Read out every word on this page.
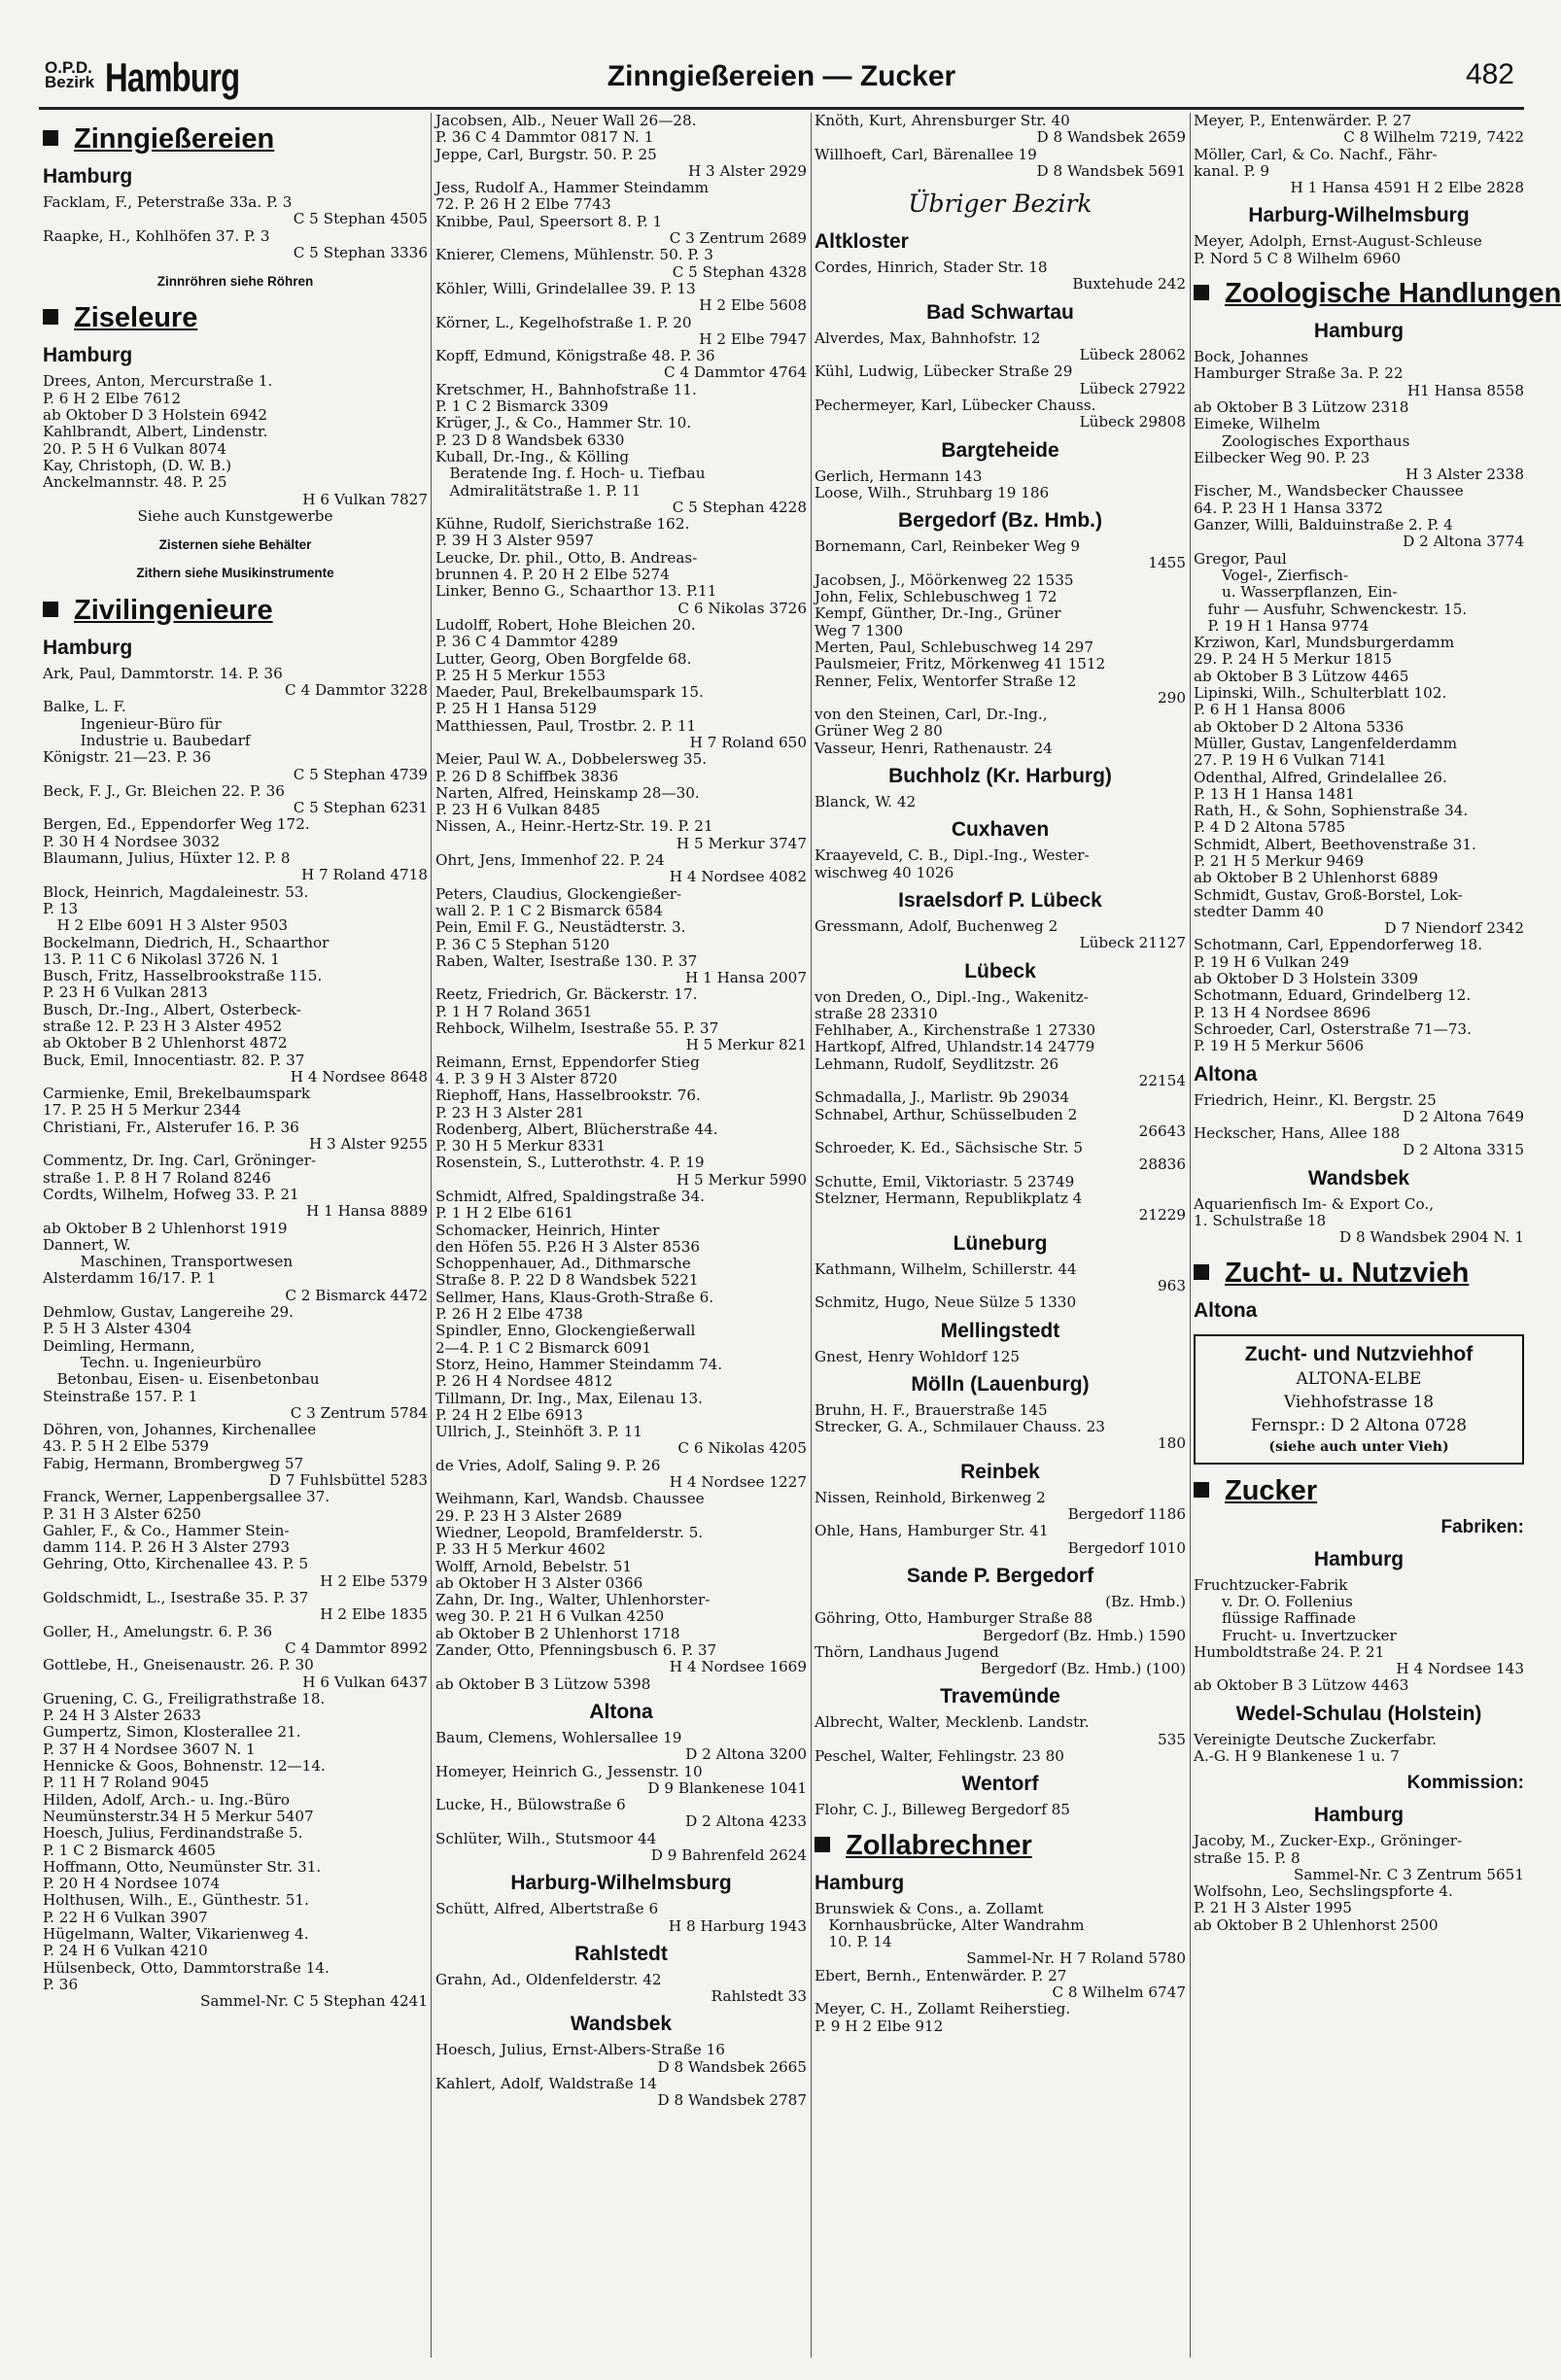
O.P.D.
Bezirk Hamburg	Zinngießereien — Zucker	482
Zinngießereien
Hamburg
Facklam, F., Peterstraße 33a. P. 3
C 5 Stephan 4505
Raapke, H., Kohlhöfen 37. P. 3
C 5 Stephan 3336
Zinnröhren siehe Röhren
Ziseleure
Hamburg
Drees, Anton, Mercurstraße 1.
P. 6 H 2 Elbe 7612
ab Oktober D 3 Holstein 6942
Kahlbrandt, Albert, Lindenstr.
20. P. 5 H 6 Vulkan 8074
Kay, Christoph, (D. W. B.)
Anckelmannstr. 48. P. 25
H 6 Vulkan 7827
Siehe auch Kunstgewerbe
Zisternen siehe Behälter
Zithern siehe Musikinstrumente
Zivilingenieure
Hamburg
Ark, Paul, Dammtorstr. 14. P. 36
C 4 Dammtor 3228
Balke, L. F.
Ingenieur-Büro für
Industrie u. Baubedarf
Königstr. 21—23. P. 36
C 5 Stephan 4739
Beck, F. J., Gr. Bleichen 22. P. 36
C 5 Stephan 6231
Bergen, Ed., Eppendorfer Weg 172.
P. 30 H 4 Nordsee 3032
Blaumann, Julius, Hüxter 12. P. 8
H 7 Roland 4718
Block, Heinrich, Magdaleinestr. 53.
P. 13
H 2 Elbe 6091 H 3 Alster 9503
Bockelmann, Diedrich, H., Schaarthor
13. P. 11 C 6 Nikolasl 3726 N. 1
Busch, Fritz, Hasselbrookstraße 115.
P. 23 H 6 Vulkan 2813
Busch, Dr.-Ing., Albert, Osterbeck-
straße 12. P. 23 H 3 Alster 4952
ab Oktober B 2 Uhlenhorst 4872
Buck, Emil, Innocentiastr. 82. P. 37
H 4 Nordsee 8648
Carmienke, Emil, Brekelbaumspark
17. P. 25 H 5 Merkur 2344
Christiani, Fr., Alsterufer 16. P. 36
H 3 Alster 9255
Commentz, Dr. Ing. Carl, Gröninger-
straße 1. P. 8 H 7 Roland 8246
Cordts, Wilhelm, Hofweg 33. P. 21
H 1 Hansa 8889
ab Oktober B 2 Uhlenhorst 1919
Dannert, W.
Maschinen, Transportwesen
Alsterdamm 16/17. P. 1
C 2 Bismarck 4472
Dehmlow, Gustav, Langereihe 29.
P. 5 H 3 Alster 4304
Deimling, Hermann,
Techn. u. Ingenieurbüro
Betonbau, Eisen- u. Eisenbetonbau
Steinstraße 157. P. 1
C 3 Zentrum 5784
Döhren, von, Johannes, Kirchenallee
43. P. 5 H 2 Elbe 5379
Fabig, Hermann, Brombergweg 57
D 7 Fuhlsbüttel 5283
Franck, Werner, Lappenbergsallee 37.
P. 31 H 3 Alster 6250
Gahler, F., & Co., Hammer Stein-
damm 114. P. 26 H 3 Alster 2793
Gehring, Otto, Kirchenallee 43. P. 5
H 2 Elbe 5379
Goldschmidt, L., Isestraße 35. P. 37
H 2 Elbe 1835
Goller, H., Amelungstr. 6. P. 36
C 4 Dammtor 8992
Gottlebe, H., Gneisenaustr. 26. P. 30
H 6 Vulkan 6437
Gruening, C. G., Freiligrathstraße 18.
P. 24 H 3 Alster 2633
Gumpertz, Simon, Klosterallee 21.
P. 37 H 4 Nordsee 3607 N. 1
Hennicke & Goos, Bohnenstr. 12—14.
P. 11 H 7 Roland 9045
Hilden, Adolf, Arch.- u. Ing.-Büro
Neumünsterstr.34 H 5 Merkur 5407
Hoesch, Julius, Ferdinandstraße 5.
P. 1 C 2 Bismarck 4605
Hoffmann, Otto, Neumünster Str. 31.
P. 20 H 4 Nordsee 1074
Holthusen, Wilh., E., Günthestr. 51.
P. 22 H 6 Vulkan 3907
Hügelmann, Walter, Vikarienweg 4.
P. 24 H 6 Vulkan 4210
Hülsenbeck, Otto, Dammtorstraße 14.
P. 36
Sammel-Nr. C 5 Stephan 4241
Jacobsen, Alb., Neuer Wall 26—28.
P. 36 C 4 Dammtor 0817 N. 1
Jeppe, Carl, Burgstr. 50. P. 25
H 3 Alster 2929
Jess, Rudolf A., Hammer Steindamm
72. P. 26 H 2 Elbe 7743
Knibbe, Paul, Speersort 8. P. 1
C 3 Zentrum 2689
Knierer, Clemens, Mühlenstr. 50. P. 3
C 5 Stephan 4328
Köhler, Willi, Grindelallee 39. P. 13
H 2 Elbe 5608
Körner, L., Kegelhofstraße 1. P. 20
H 2 Elbe 7947
Kopff, Edmund, Königstraße 48. P. 36
C 4 Dammtor 4764
Kretschmer, H., Bahnhofstraße 11.
P. 1 C 2 Bismarck 3309
Krüger, J., & Co., Hammer Str. 10.
P. 23 D 8 Wandsbek 6330
Kuball, Dr.-Ing., & Kölling
Beratende Ing. f. Hoch- u. Tiefbau
Admiralitätstraße 1. P. 11
C 5 Stephan 4228
Kühne, Rudolf, Sierichstraße 162.
P. 39 H 3 Alster 9597
Leucke, Dr. phil., Otto, B. Andreas-
brunnen 4. P. 20 H 2 Elbe 5274
Linker, Benno G., Schaarthor 13. P.11
C 6 Nikolas 3726
Ludolff, Robert, Hohe Bleichen 20.
P. 36 C 4 Dammtor 4289
Lutter, Georg, Oben Borgfelde 68.
P. 25 H 5 Merkur 1553
Maeder, Paul, Brekelbaumspark 15.
P. 25 H 1 Hansa 5129
Matthiessen, Paul, Trostbr. 2. P. 11
H 7 Roland 650
Meier, Paul W. A., Dobbelersweg 35.
P. 26 D 8 Schiffbek 3836
Narten, Alfred, Heinskamp 28—30.
P. 23 H 6 Vulkan 8485
Nissen, A., Heinr.-Hertz-Str. 19. P. 21
H 5 Merkur 3747
Ohrt, Jens, Immenhof 22. P. 24
H 4 Nordsee 4082
Peters, Claudius, Glockengießer-
wall 2. P. 1 C 2 Bismarck 6584
Pein, Emil F. G., Neustädterstr. 3.
P. 36 C 5 Stephan 5120
Raben, Walter, Isestraße 130. P. 37
H 1 Hansa 2007
Reetz, Friedrich, Gr. Bäckerstr. 17.
P. 1 H 7 Roland 3651
Rehbock, Wilhelm, Isestraße 55. P. 37
H 5 Merkur 821
Reimann, Ernst, Eppendorfer Stieg
4. P. 3 9 H 3 Alster 8720
Riephoff, Hans, Hasselbrookstr. 76.
P. 23 H 3 Alster 281
Rodenberg, Albert, Blücherstraße 44.
P. 30 H 5 Merkur 8331
Rosenstein, S., Lutterothstr. 4. P. 19
H 5 Merkur 5990
Schmidt, Alfred, Spaldingstraße 34.
P. 1 H 2 Elbe 6161
Schomacker, Heinrich, Hinter
den Höfen 55. P.26 H 3 Alster 8536
Schoppenhauer, Ad., Dithmarsche
Straße 8. P. 22 D 8 Wandsbek 5221
Sellmer, Hans, Klaus-Groth-Straße 6.
P. 26 H 2 Elbe 4738
Spindler, Enno, Glockengießerwall
2—4. P. 1 C 2 Bismarck 6091
Storz, Heino, Hammer Steindamm 74.
P. 26 H 4 Nordsee 4812
Tillmann, Dr. Ing., Max, Eilenau 13.
P. 24 H 2 Elbe 6913
Ullrich, J., Steinhöft 3. P. 11
C 6 Nikolas 4205
de Vries, Adolf, Saling 9. P. 26
H 4 Nordsee 1227
Weihmann, Karl, Wandsb. Chaussee
29. P. 23 H 3 Alster 2689
Wiedner, Leopold, Bramfelderstr. 5.
P. 33 H 5 Merkur 4602
Wolff, Arnold, Bebelstr. 51
ab Oktober H 3 Alster 0366
Zahn, Dr. Ing., Walter, Uhlenhorster-
weg 30. P. 21 H 6 Vulkan 4250
ab Oktober B 2 Uhlenhorst 1718
Zander, Otto, Pfenningsbusch 6. P. 37
H 4 Nordsee 1669
ab Oktober B 3 Lützow 5398
Altona
Baum, Clemens, Wohlersallee 19
D 2 Altona 3200
Homeyer, Heinrich G., Jessenstr. 10
D 9 Blankenese 1041
Lucke, H., Bülowstraße 6
D 2 Altona 4233
Schlüter, Wilh., Stutsmoor 44
D 9 Bahrenfeld 2624
Harburg-Wilhelmsburg
Schütt, Alfred, Albertstraße 6
H 8 Harburg 1943
Rahlstedt
Grahn, Ad., Oldenfelderstr. 42
Rahlstedt 33
Wandsbek
Hoesch, Julius, Ernst-Albers-Straße 16
D 8 Wandsbek 2665
Kahlert, Adolf, Waldstraße 14
D 8 Wandsbek 2787
Knöth, Kurt, Ahrensburger Str. 40
D 8 Wandsbek 2659
Willhoeft, Carl, Bärenallee 19
D 8 Wandsbek 5691
Übriger Bezirk
Altkloster
Cordes, Hinrich, Stader Str. 18
Buxtehude 242
Bad Schwartau
Alverdes, Max, Bahnhofstr. 12
Lübeck 28062
Kühl, Ludwig, Lübecker Straße 29
Lübeck 27922
Pechermeyer, Karl, Lübecker Chauss.
Lübeck 29808
Bargteheide
Gerlich, Hermann 143
Loose, Wilh., Struhbarg 19 186
Bergedorf (Bz. Hmb.)
Bornemann, Carl, Reinbeker Weg 9
1455
Jacobsen, J., Möörkenweg 22 1535
John, Felix, Schlebuschweg 1 72
Kempf, Günther, Dr.-Ing., Grüner
Weg 7 1300
Merten, Paul, Schlebuschweg 14 297
Paulsmeier, Fritz, Mörkenweg 41 1512
Renner, Felix, Wentorfer Straße 12
290
von den Steinen, Carl, Dr.-Ing.,
Grüner Weg 2 80
Vasseur, Henri, Rathenaustr. 24
Buchholz (Kr. Harburg)
Blanck, W. 42
Cuxhaven
Kraayeveld, C. B., Dipl.-Ing., Wester-
wischweg 40 1026
Israelsdorf P. Lübeck
Gressmann, Adolf, Buchenweg 2
Lübeck 21127
Lübeck
von Dreden, O., Dipl.-Ing., Wakenitz-
straße 28 23310
Fehlhaber, A., Kirchenstraße 1 27330
Hartkopf, Alfred, Uhlandstr.14 24779
Lehmann, Rudolf, Seydlitzstr. 26
22154
Schmadalla, J., Marlistr. 9b 29034
Schnabel, Arthur, Schüsselbuden 2
26643
Schroeder, K. Ed., Sächsische Str. 5
28836
Schutte, Emil, Viktoriastr. 5 23749
Stelzner, Hermann, Republikplatz 4
21229
Lüneburg
Kathmann, Wilhelm, Schillerstr. 44
963
Schmitz, Hugo, Neue Sülze 5 1330
Mellingstedt
Gnest, Henry Wohldorf 125
Mölln (Lauenburg)
Bruhn, H. F., Brauerstraße 145
Strecker, G. A., Schmilauer Chauss. 23
180
Reinbek
Nissen, Reinhold, Birkenweg 2
Bergedorf 1186
Ohle, Hans, Hamburger Str. 41
Bergedorf 1010
Sande P. Bergedorf
(Bz. Hmb.)
Göhring, Otto, Hamburger Straße 88
Bergedorf (Bz. Hmb.) 1590
Thörn, Landhaus Jugend
Bergedorf (Bz. Hmb.) (100)
Travemünde
Albrecht, Walter, Mecklenb. Landstr.
535
Peschel, Walter, Fehlingstr. 23 80
Wentorf
Flohr, C. J., Billeweg Bergedorf 85
Zollabrechner
Hamburg
Brunswiek & Cons., a. Zollamt
Kornhausbrücke, Alter Wandrahm
10. P. 14
Sammel-Nr. H 7 Roland 5780
Ebert, Bernh., Entenwärder. P. 27
C 8 Wilhelm 6747
Meyer, C. H., Zollamt Reiherstieg.
P. 9 H 2 Elbe 912
Meyer, P., Entenwärder. P. 27
C 8 Wilhelm 7219, 7422
Möller, Carl, & Co. Nachf., Fähr-
kanal. P. 9
H 1 Hansa 4591 H 2 Elbe 2828
Harburg-Wilhelmsburg
Meyer, Adolph, Ernst-August-Schleuse
P. Nord 5 C 8 Wilhelm 6960
Zoologische Handlungen
Hamburg
Bock, Johannes
Hamburger Straße 3a. P. 22
H1 Hansa 8558
ab Oktober B 3 Lützow 2318
Eimeke, Wilhelm
Zoologisches Exporthaus
Eilbecker Weg 90. P. 23
H 3 Alster 2338
Fischer, M., Wandsbecker Chaussee
64. P. 23 H 1 Hansa 3372
Ganzer, Willi, Balduinstraße 2. P. 4
D 2 Altona 3774
Gregor, Paul
Vogel-, Zierfisch-
u. Wasserpflanzen, Ein-
fuhr — Ausfuhr, Schwenckestr. 15.
P. 19 H 1 Hansa 9774
Krziwon, Karl, Mundsburgerdamm
29. P. 24 H 5 Merkur 1815
ab Oktober B 3 Lützow 4465
Lipinski, Wilh., Schulterblatt 102.
P. 6 H 1 Hansa 8006
ab Oktober D 2 Altona 5336
Müller, Gustav, Langenfelderdamm
27. P. 19 H 6 Vulkan 7141
Odenthal, Alfred, Grindelallee 26.
P. 13 H 1 Hansa 1481
Rath, H., & Sohn, Sophienstraße 34.
P. 4 D 2 Altona 5785
Schmidt, Albert, Beethovenstraße 31.
P. 21 H 5 Merkur 9469
ab Oktober B 2 Uhlenhorst 6889
Schmidt, Gustav, Groß-Borstel, Lok-
stedter Damm 40
D 7 Niendorf 2342
Schotmann, Carl, Eppendorferweg 18.
P. 19 H 6 Vulkan 249
ab Oktober D 3 Holstein 3309
Schotmann, Eduard, Grindelberg 12.
P. 13 H 4 Nordsee 8696
Schroeder, Carl, Osterstraße 71—73.
P. 19 H 5 Merkur 5606
Altona
Friedrich, Heinr., Kl. Bergstr. 25
D 2 Altona 7649
Heckscher, Hans, Allee 188
D 2 Altona 3315
Wandsbek
Aquarienfisch Im- & Export Co.,
1. Schulstraße 18
D 8 Wandsbek 2904 N. 1
Zucht- u. Nutzvieh
Altona
Zucht- und Nutzviehhof
ALTONA-ELBE
Viehhofstrasse 18
Fernspr.: D 2 Altona 0728
(siehe auch unter Vieh)
Zucker
Fabriken:
Hamburg
Fruchtzucker-Fabrik
v. Dr. O. Follenius
flüssige Raffinade
Frucht- u. Invertzucker
Humboldtstraße 24. P. 21
H 4 Nordsee 143
ab Oktober B 3 Lützow 4463
Wedel-Schulau (Holstein)
Vereinigte Deutsche Zuckerfabr.
A.-G. H 9 Blankenese 1 u. 7
Kommission:
Hamburg
Jacoby, M., Zucker-Exp., Gröninger-
straße 15. P. 8
Sammel-Nr. C 3 Zentrum 5651
Wolfsohn, Leo, Sechslingspforte 4.
P. 21 H 3 Alster 1995
ab Oktober B 2 Uhlenhorst 2500
